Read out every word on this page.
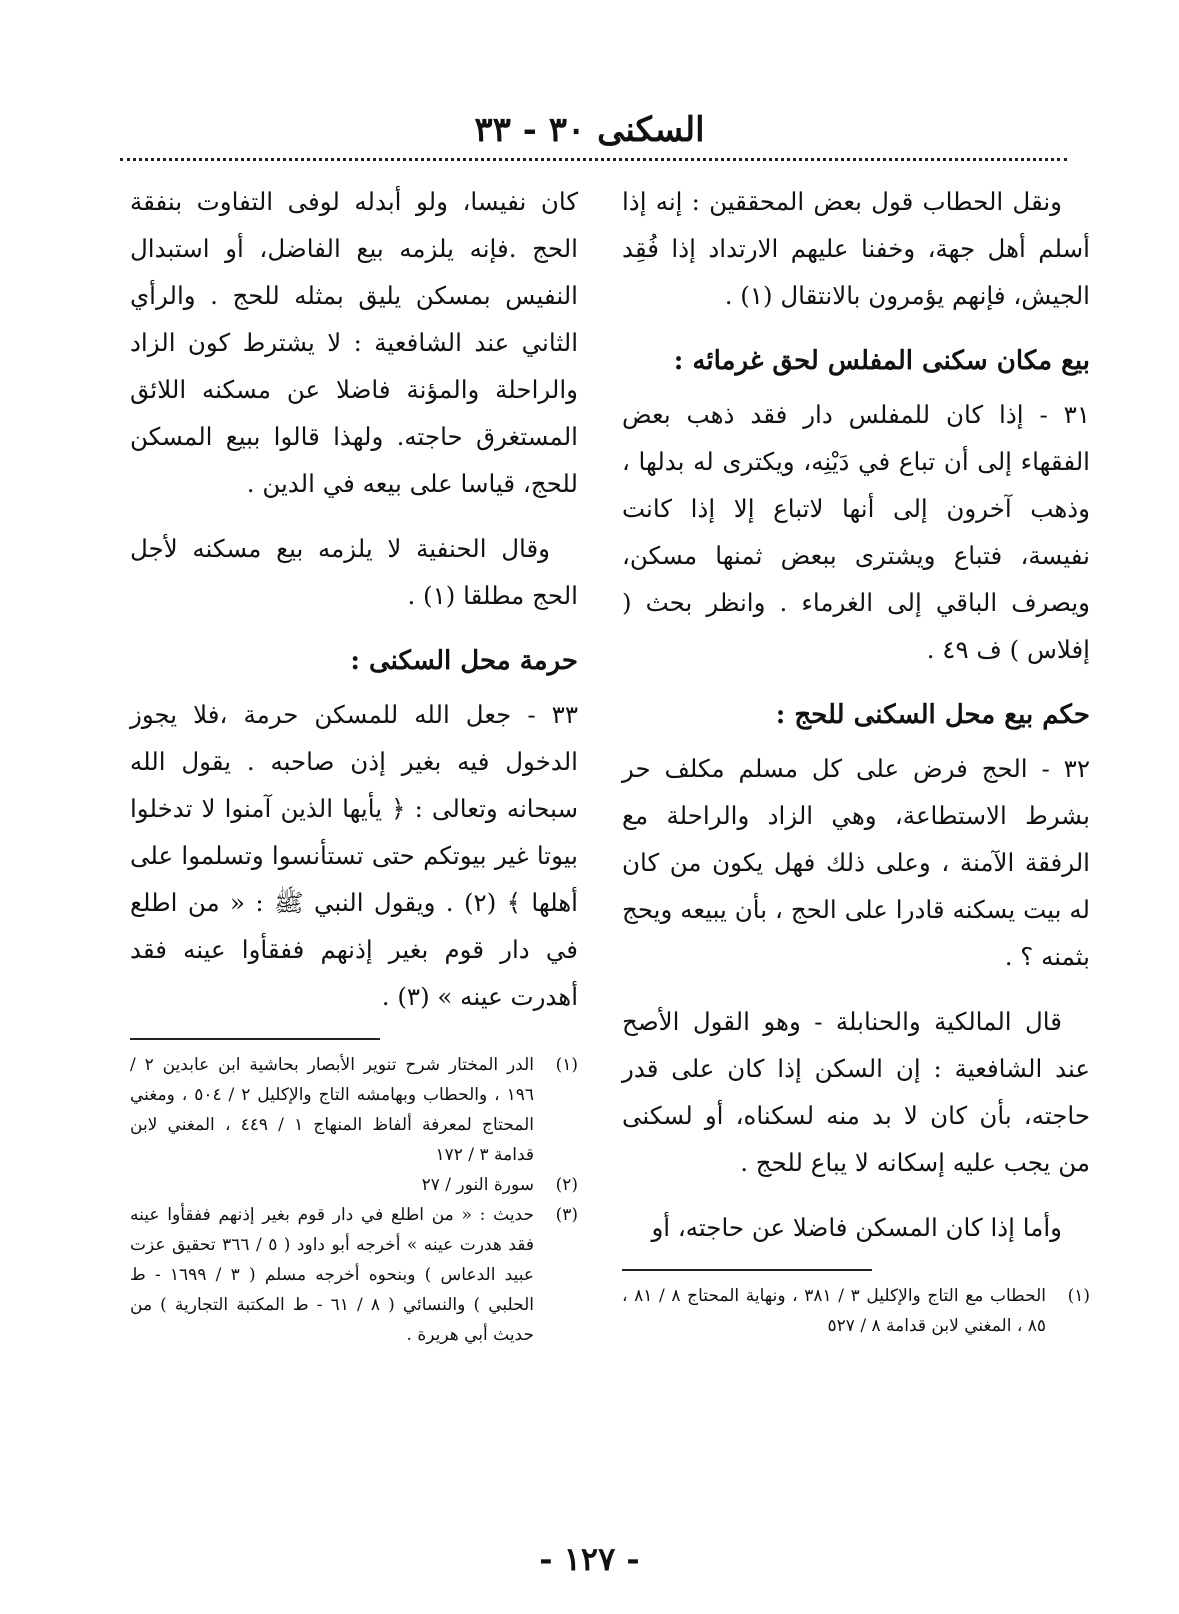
السكنى ٣٠ - ٣٣

ونقل الحطاب قول بعض المحققين : إنه إذا أسلم أهل جهة، وخفنا عليهم الارتداد إذا فُقِد الجيش، فإنهم يؤمرون بالانتقال (١) .

بيع مكان سكنى المفلس لحق غرمائه :

٣١ - إذا كان للمفلس دار فقد ذهب بعض الفقهاء إلى أن تباع في دَيْنِه، ويكترى له بدلها ، وذهب آخرون إلى أنها لاتباع إلا إذا كانت نفيسة، فتباع ويشترى ببعض ثمنها مسكن، ويصرف الباقي إلى الغرماء . وانظر بحث ( إفلاس ) ف ٤٩ .

حكم بيع محل السكنى للحج :

٣٢ - الحج فرض على كل مسلم مكلف حر بشرط الاستطاعة، وهي الزاد والراحلة مع الرفقة الآمنة ، وعلى ذلك فهل يكون من كان له بيت يسكنه قادرا على الحج ، بأن يبيعه ويحج بثمنه ؟ .

قال المالكية والحنابلة - وهو القول الأصح عند الشافعية : إن السكن إذا كان على قدر حاجته، بأن كان لا بد منه لسكناه، أو لسكنى من يجب عليه إسكانه لا يباع للحج .

وأما إذا كان المسكن فاضلا عن حاجته، أو

(١)
الحطاب مع التاج والإكليل ٣ / ٣٨١ ، ونهاية المحتاج ٨ / ٨١ ، ٨٥ ، المغني لابن قدامة ٨ / ٥٢٧

كان نفيسا، ولو أبدله لوفى التفاوت بنفقة الحج .فإنه يلزمه بيع الفاضل، أو استبدال النفيس بمسكن يليق بمثله للحج . والرأي الثاني عند الشافعية : لا يشترط كون الزاد والراحلة والمؤنة فاضلا عن مسكنه اللائق المستغرق حاجته. ولهذا قالوا ببيع المسكن للحج، قياسا على بيعه في الدين .

وقال الحنفية لا يلزمه بيع مسكنه لأجل الحج مطلقا (١) .

حرمة محل السكنى :

٣٣ - جعل الله للمسكن حرمة ،فلا يجوز الدخول فيه بغير إذن صاحبه . يقول الله سبحانه وتعالى : ﴿ يأيها الذين آمنوا لا تدخلوا بيوتا غير بيوتكم حتى تستأنسوا وتسلموا على أهلها ﴾ (٢) . ويقول النبي ﷺ : « من اطلع في دار قوم بغير إذنهم ففقأوا عينه فقد أهدرت عينه » (٣) .

(١)
الدر المختار شرح تنوير الأبصار بحاشية ابن عابدين ٢ / ١٩٦ ، والحطاب وبهامشه التاج والإكليل ٢ / ٥٠٤ ، ومغني المحتاج لمعرفة ألفاظ المنهاج ١ / ٤٤٩ ، المغني لابن قدامة ٣ / ١٧٢

(٢)
سورة النور / ٢٧

(٣)
حديث : « من اطلع في دار قوم بغير إذنهم ففقأوا عينه فقد هدرت عينه » أخرجه أبو داود ( ٥ / ٣٦٦ تحقيق عزت عبيد الدعاس ) وبنحوه أخرجه مسلم ( ٣ / ١٦٩٩ - ط الحلبي ) والنسائي ( ٨ / ٦١ - ط المكتبة التجارية ) من حديث أبي هريرة .

- ١٢٧ -
